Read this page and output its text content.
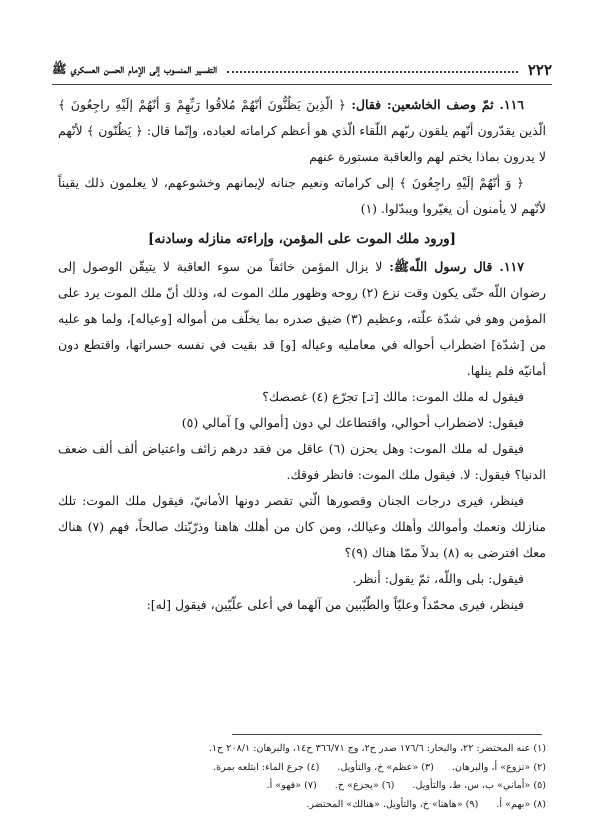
٢٢٢
التفسير المنسوب إلى الإمام الحسن العسكري ﷺ

١١٦. ثمّ وصف الخاشعين: فقال: ﴿ الّذِينَ يَظُنُّونَ أنّهُمْ مُلاقُوا رَبِّهِمْ وَ أنّهُمْ إلَيْهِ راجِعُونَ ﴾ الّذين يقدّرون أنّهم يلقون ربّهم اللّقاء الّذي هو أعظم كراماته لعباده، وإنّما قال: ﴿ يَظُنّون ﴾ لأنّهم لا يدرون بماذا يختم لهم والعاقبة مستورة عنهم

﴿ وَ أنّهُمْ إلَيْهِ راجِعُونَ ﴾ إلى كراماته ونعيم جنانه لإيمانهم وخشوعهم، لا يعلمون ذلك يقيناً لأنّهم لا يأمنون أن يغيّروا ويبدّلوا. (١)

[ورود ملك الموت على المؤمن، وإراءته منازله وسادنه]

١١٧. قال رسول اللّهﷺ: لا يزال المؤمن خائفاً من سوء العاقبة لا يتيقّن الوصول إلى رضوان اللّه حتّى يكون وقت نزع (٢) روحه وظهور ملك الموت له، وذلك أنّ ملك الموت يرد على المؤمن وهو في شدّة علّته، وعظيم (٣) ضيق صدره بما يخلّف من أمواله [وعياله]، ولما هو عليه من [شدّة] اضطراب أحواله في معامليه وعياله [و] قد بقيت في نفسه حسراتها، واقتطع دون أمانيّه فلم ينلها.

فيقول له ملك الموت: مالك [تـ] تجرّع (٤) غصصك؟

فيقول: لاضطراب أحوالي، واقتطاعك لي دون [أموالي و] آمالي (٥)

فيقول له ملك الموت: وهل يحزن (٦) عاقل من فقد درهم زائف واعتياض ألف ألف ضعف الدنيا؟ فيقول: لا. فيقول ملك الموت: فانظر فوقك.

فينظر، فيرى درجات الجنان وقصورها الّتي تقصر دونها الأمانيّ، فيقول ملك الموت: تلك منازلك ونعمك وأموالك وأهلك وعيالك، ومن كان من أهلك هاهنا وذرّيّتك صالحاً، فهم (٧) هناك معك افترضى به (٨) بدلاً ممّا هناك (٩)؟

فيقول: بلى واللّه، ثمّ يقول: أنظر.

فينظر، فيرى محمّداً وعليّاً والطّيّبين من آلهما في أعلى علّيّين، فيقول [له]:

(١) عنه المحتضر: ٢٢، والبحار: ١٧٦/٦ صدر ح٢، وج ٣٦٦/٧١ ح١٤، والبرهان: ٢٠٨/١ ح١.
(٢) «نزوع» أ، والبرهان.
(٣) «عظم» خ، والتأويل.
(٤) جرع الماء: ابتلعه بمرة.
(٥) «أماني» ب، س، ط، والتأويل.
(٦) «يجزع» خ.
(٧) «فهو» أ.
(٨) «بهم» أ.
(٩) «هاهنا» خ، والتأويل. «هنالك» المحتضر.
